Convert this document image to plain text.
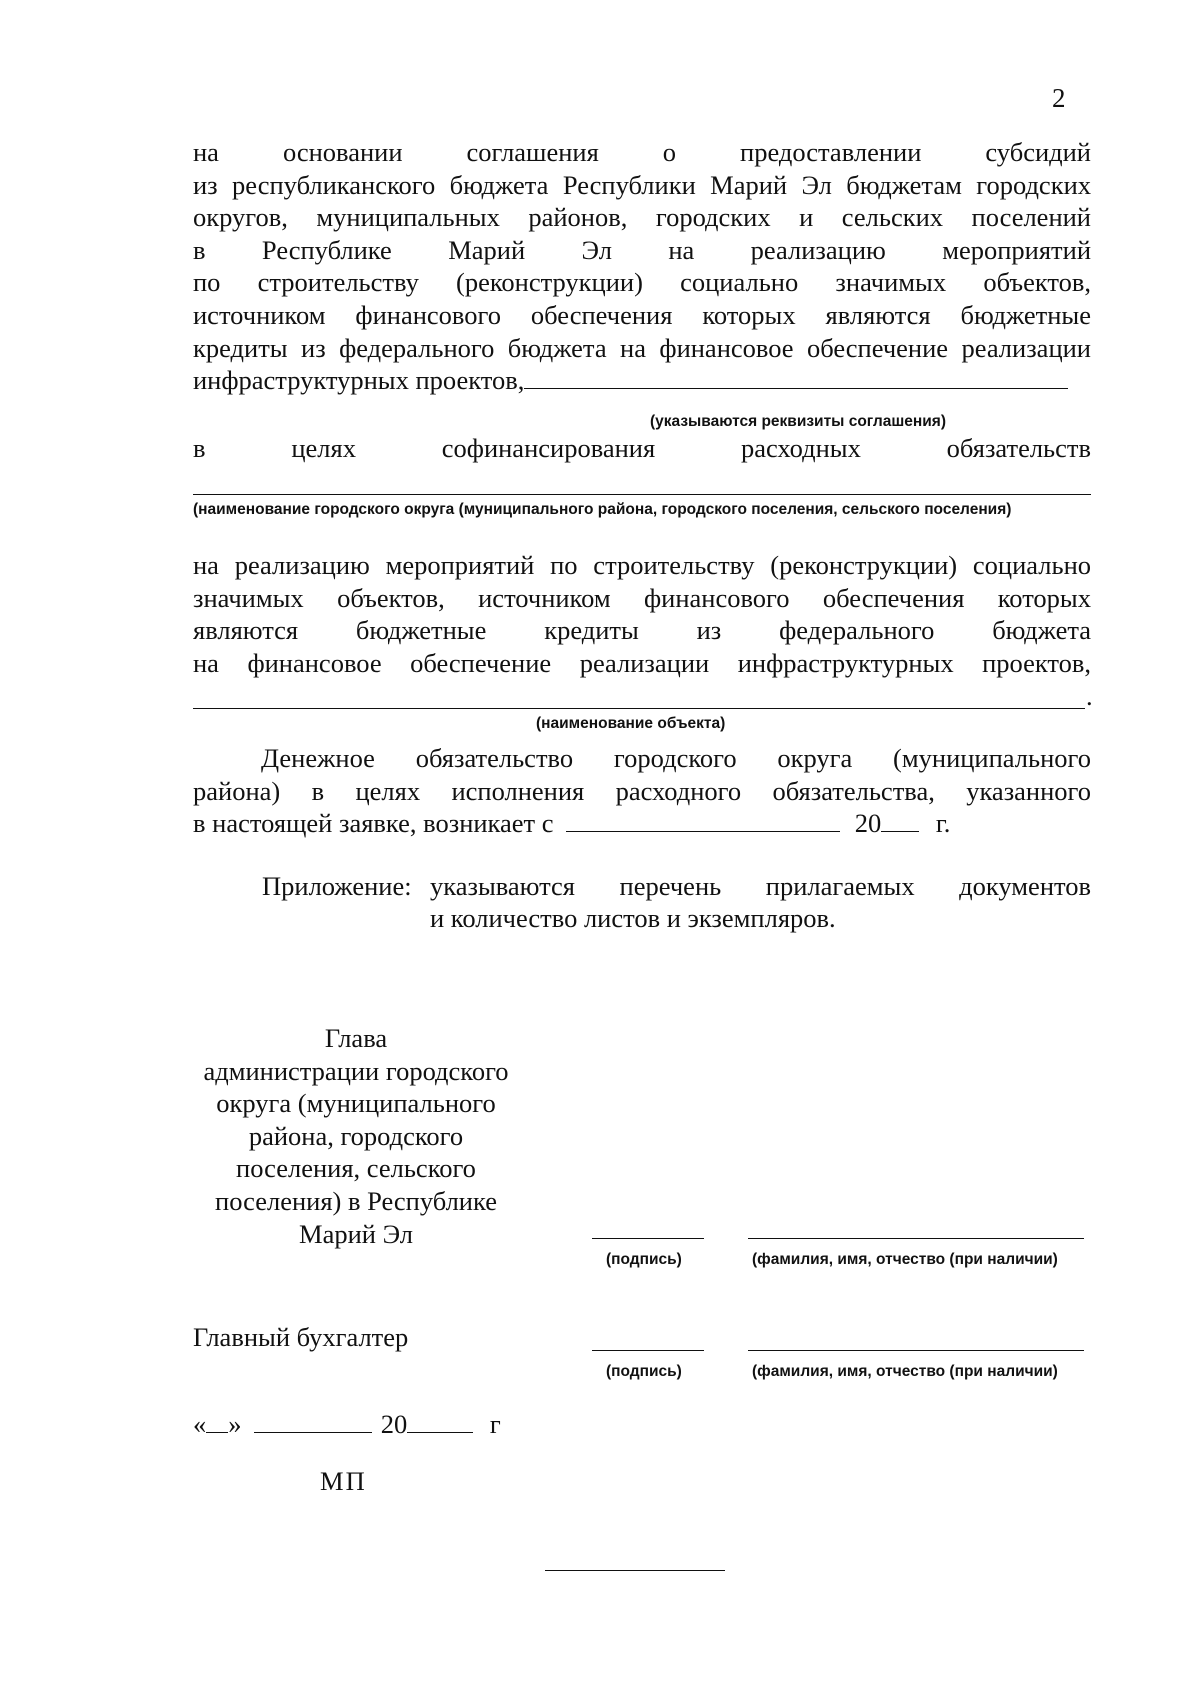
2
на основании соглашения о предоставлении субсидий
из республиканского бюджета Республики Марий Эл бюджетам городских
округов, муниципальных районов, городских и сельских поселений
в Республике Марий Эл на реализацию мероприятий
по строительству (реконструкции) социально значимых объектов,
источником финансового обеспечения которых являются бюджетные
кредиты из федерального бюджета на финансовое обеспечение реализации
инфраструктурных проектов,
(указываются реквизиты соглашения)
в целях софинансирования расходных обязательств
(наименование городского округа (муниципального района, городского поселения, сельского поселения)
на реализацию мероприятий по строительству (реконструкции) социально
значимых объектов, источником финансового обеспечения которых
являются бюджетные кредиты из федерального бюджета
на финансовое обеспечение реализации инфраструктурных проектов,
.
(наименование объекта)
Денежное обязательство городского округа (муниципального
района) в целях исполнения расходного обязательства, указанного
в настоящей заявке, возникает с	20 г.
Приложение: указываются перечень прилагаемых документов
и количество листов и экземпляров.
Глава
администрации городского
округа (муниципального
района, городского
поселения, сельского
поселения) в Республике
Марий Эл
(подпись)	(фамилия, имя, отчество (при наличии)
Главный бухгалтер
(подпись)	(фамилия, имя, отчество (при наличии)
« »	20	г
МП
